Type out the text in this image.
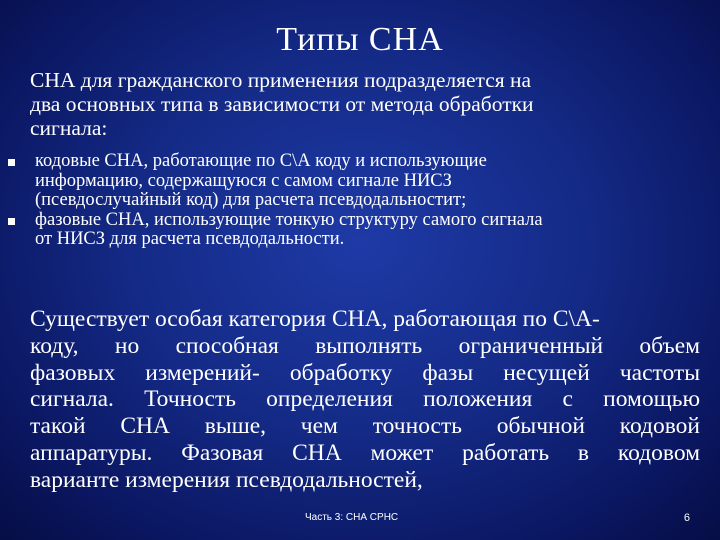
Типы СНА
СНА для гражданского применения подразделяется на
два основных типа в зависимости от метода обработки
сигнала:
кодовые СНА, работающие по С\А коду и использующие
информацию, содержащуюся с самом сигнале НИСЗ
(псевдослучайный код) для расчета псевдодальностит;
фазовые СНА, использующие тонкую структуру самого сигнала
от НИСЗ для расчета псевдодальности.
Существует особая категория СНА, работающая по С\А-
коду, но способная выполнять ограниченный объем
фазовых измерений- обработку фазы несущей частоты
сигнала. Точность определения положения с помощью
такой СНА выше, чем точность обычной кодовой
аппаратуры. Фазовая СНА может работать в кодовом
варианте измерения псевдодальностей,
Часть 3: СНА СРНС	6
